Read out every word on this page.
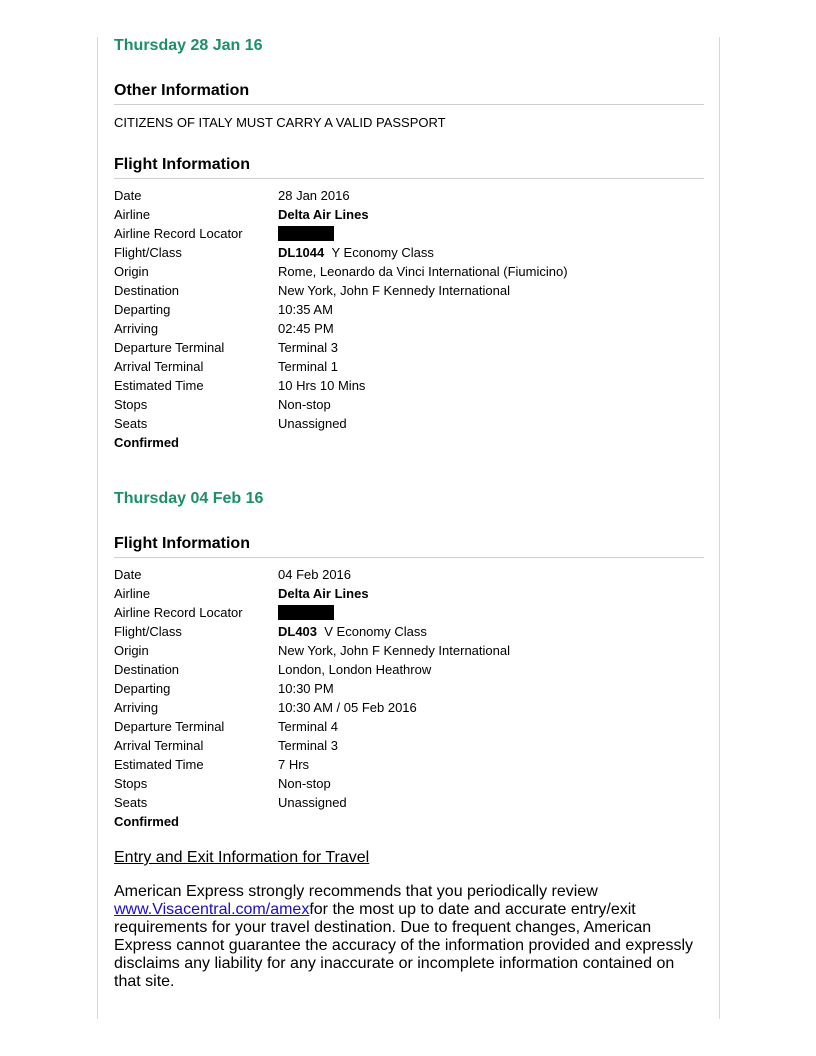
Thursday 28 Jan 16
Other Information

CITIZENS OF ITALY MUST CARRY A VALID PASSPORT

Flight Information
Date	28 Jan 2016
Airline	Delta Air Lines
Airline Record Locator	
Flight/Class	DL1044 Y Economy Class
Origin	Rome, Leonardo da Vinci International (Fiumicino)
Destination	New York, John F Kennedy International
Departing	10:35 AM
Arriving	02:45 PM
Departure Terminal	Terminal 3
Arrival Terminal	Terminal 1
Estimated Time	10 Hrs 10 Mins
Stops	Non-stop
Seats	Unassigned

Confirmed

Thursday 04 Feb 16
Flight Information
Date	04 Feb 2016
Airline	Delta Air Lines
Airline Record Locator	
Flight/Class	DL403 V Economy Class
Origin	New York, John F Kennedy International
Destination	London, London Heathrow
Departing	10:30 PM
Arriving	10:30 AM / 05 Feb 2016
Departure Terminal	Terminal 4
Arrival Terminal	Terminal 3
Estimated Time	7 Hrs
Stops	Non-stop
Seats	Unassigned

Confirmed

Entry and Exit Information for Travel

American Express strongly recommends that you periodically review www.Visacentral.com/amexfor the most up to date and accurate entry/exit requirements for your travel destination. Due to frequent changes, American Express cannot guarantee the accuracy of the information provided and expressly disclaims any liability for any inaccurate or incomplete information contained on that site.
